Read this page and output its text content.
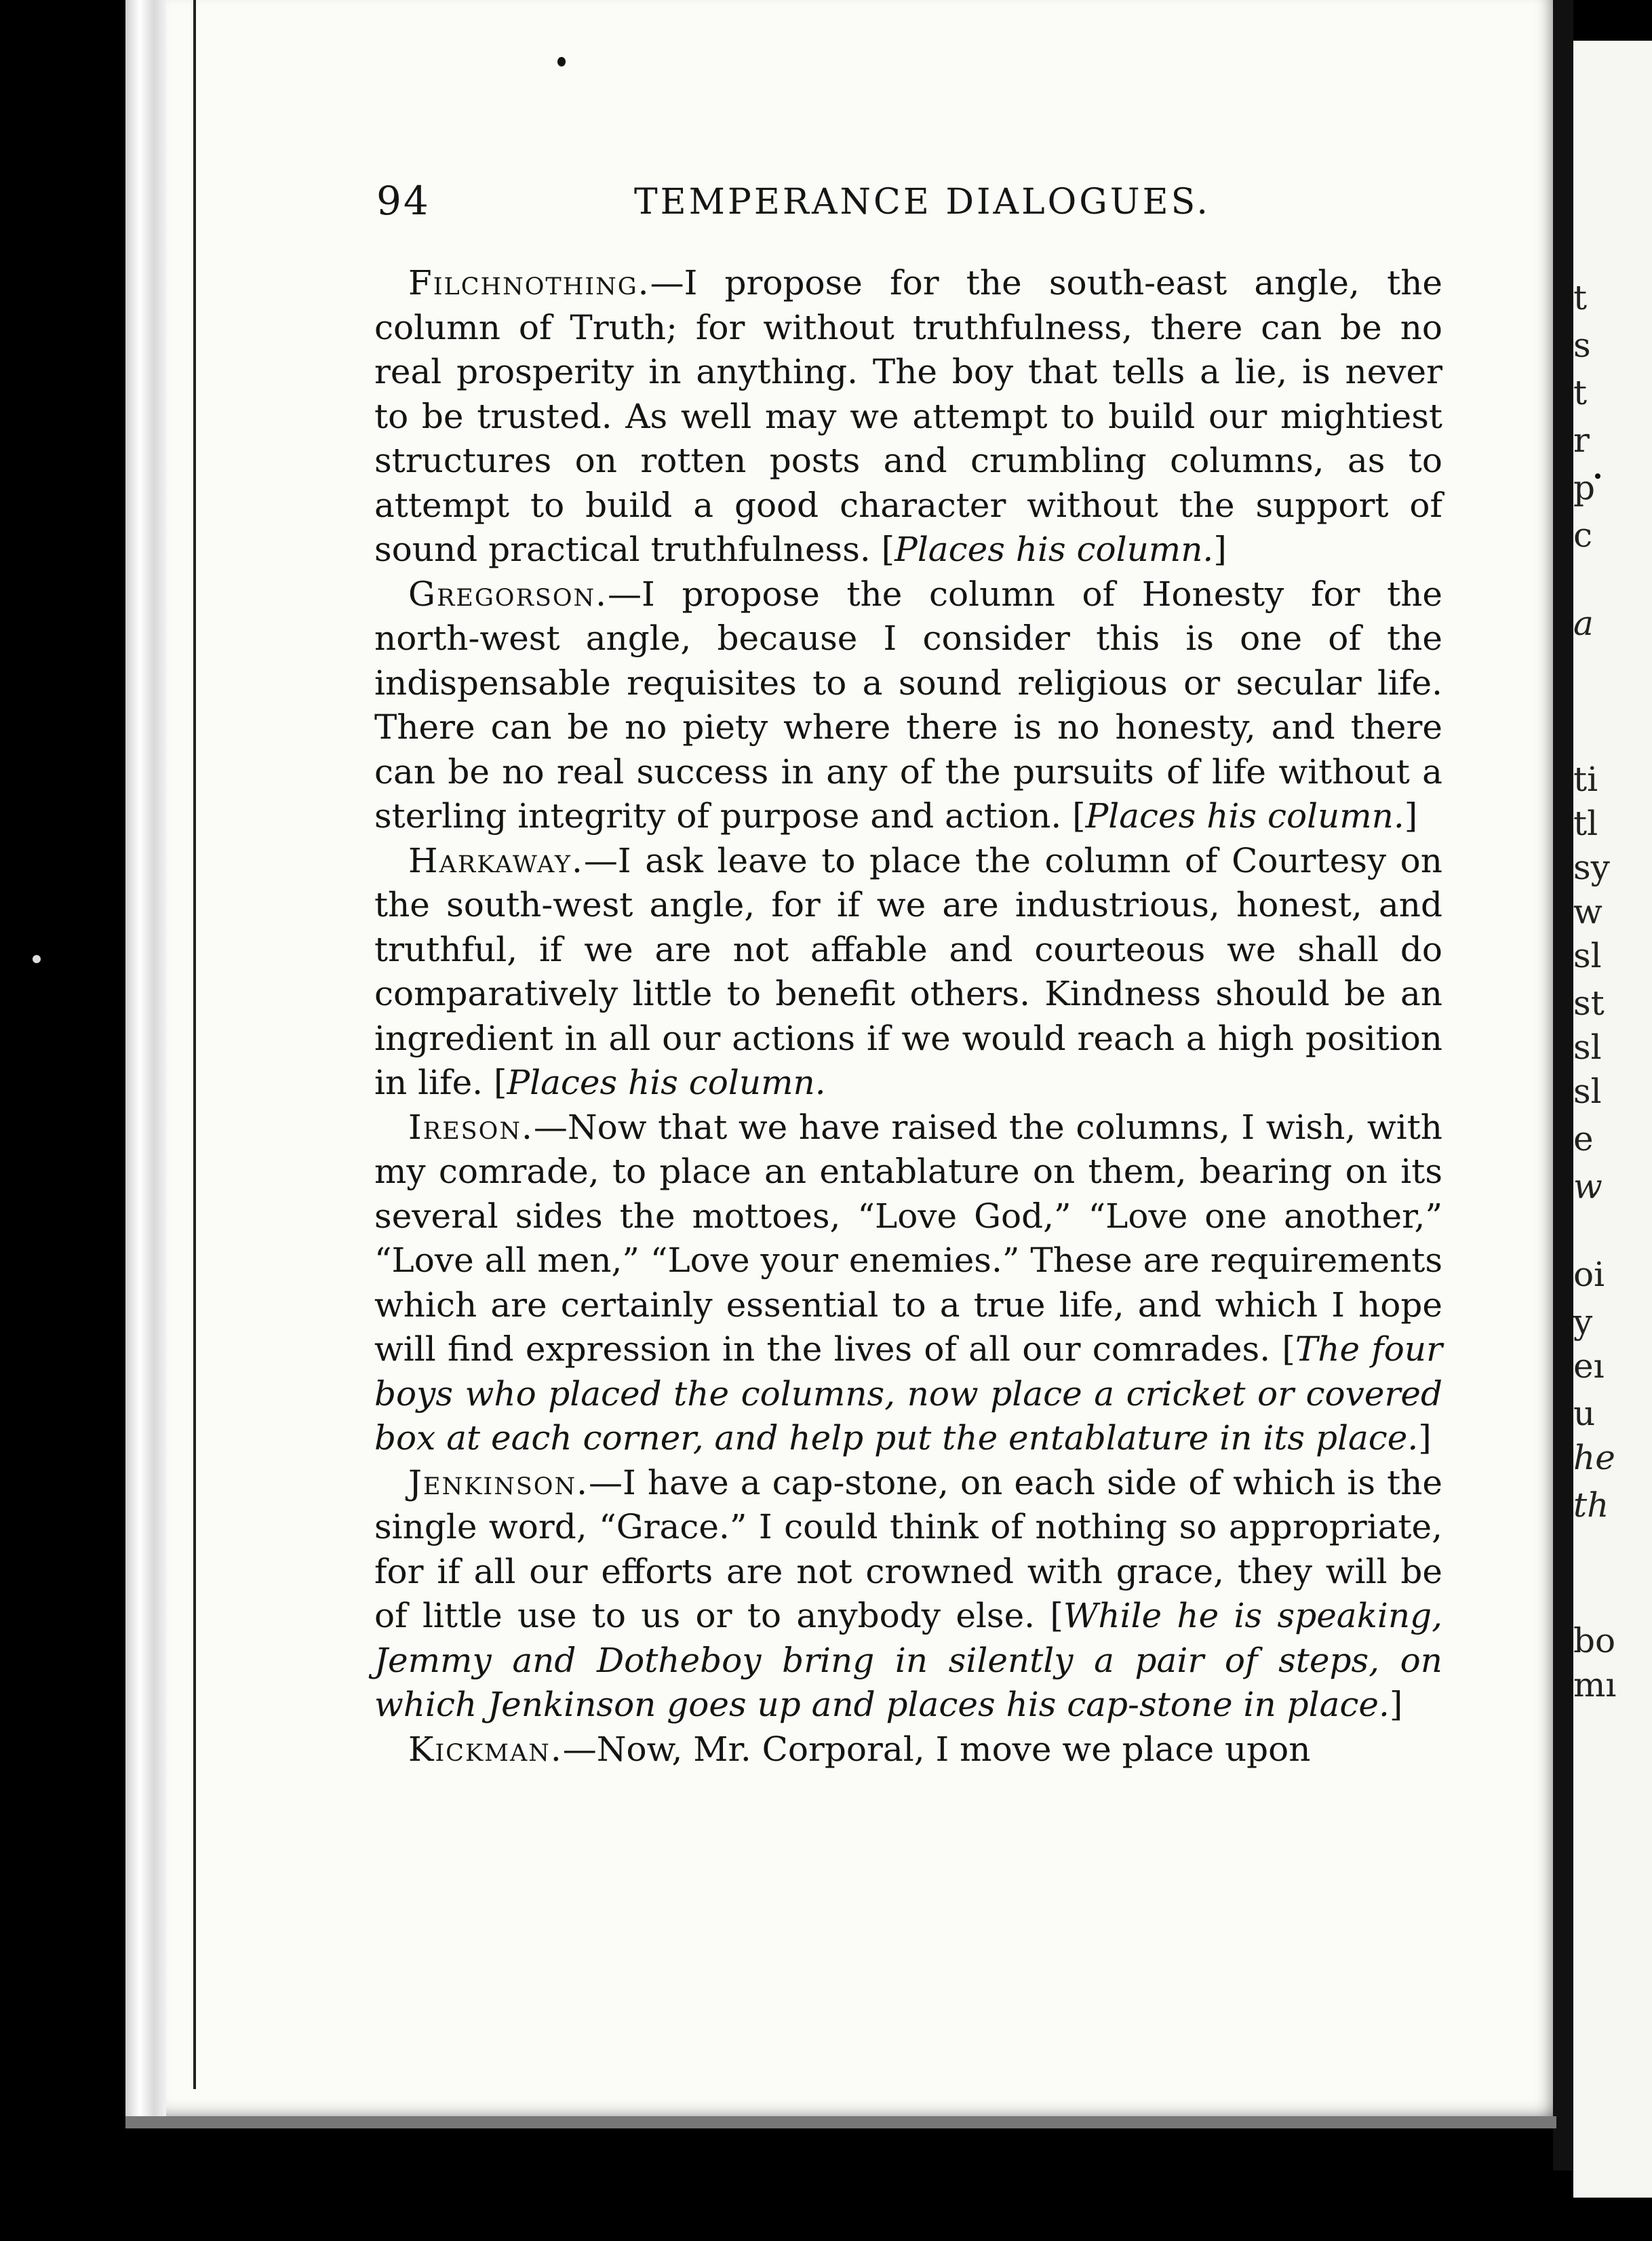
t
s
t
r
p
c
a
ti
tl
sy
w
sl
st
sl
sl
e
w
oi
y
eı
u
he
th
bo
mı
94	TEMPERANCE DIALOGUES.

Filchnothing.—I propose for the south-east angle, the column of Truth; for without truthfulness, there can be no real prosperity in anything. The boy that tells a lie, is never to be trusted. As well may we attempt to build our mightiest structures on rotten posts and crumbling columns, as to attempt to build a good character without the support of sound practical truthfulness. [Places his column.]

Gregorson.—I propose the column of Honesty for the north-west angle, because I consider this is one of the indispensable requisites to a sound religious or secular life. There can be no piety where there is no honesty, and there can be no real success in any of the pursuits of life without a sterling integrity of purpose and action. [Places his column.]

Harkaway.—I ask leave to place the column of Courtesy on the south-west angle, for if we are industrious, honest, and truthful, if we are not affable and courteous we shall do comparatively little to benefit others. Kindness should be an ingredient in all our actions if we would reach a high position in life. [Places his column.

Ireson.—Now that we have raised the columns, I wish, with my comrade, to place an entablature on them, bearing on its several sides the mottoes, “Love God,” “Love one another,” “Love all men,” “Love your enemies.” These are requirements which are certainly essential to a true life, and which I hope will find expression in the lives of all our comrades. [The four boys who placed the columns, now place a cricket or covered box at each corner, and help put the entablature in its place.]

Jenkinson.—I have a cap-stone, on each side of which is the single word, “Grace.” I could think of nothing so appropriate, for if all our efforts are not crowned with grace, they will be of little use to us or to anybody else. [While he is speaking, Jemmy and Dotheboy bring in silently a pair of steps, on which Jenkinson goes up and places his cap-stone in place.]

Kickman.—Now, Mr. Corporal, I move we place upon
